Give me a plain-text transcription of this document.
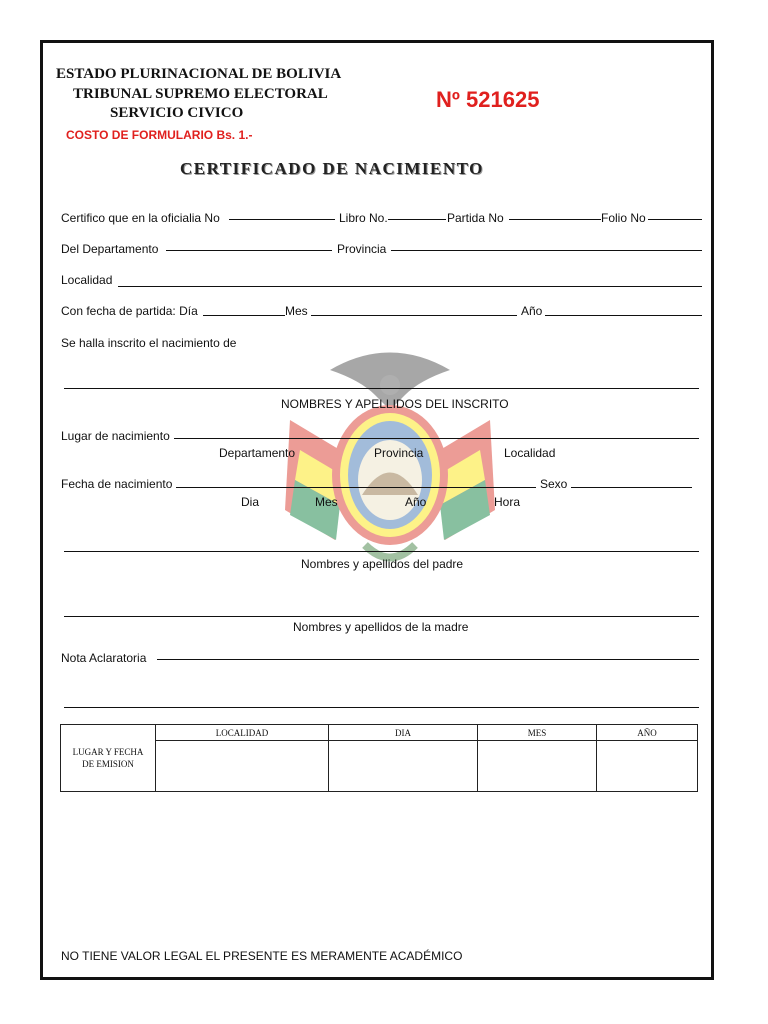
ESTADO PLURINACIONAL DE BOLIVIA
TRIBUNAL SUPREMO ELECTORAL
SERVICIO CIVICO
COSTO DE FORMULARIO Bs. 1.-
Nº 521625
CERTIFICADO DE NACIMIENTO
Certifico que en la oficialia No	Libro No.	Partida No	Folio No
Del Departamento	Provincia
Localidad
Con fecha de partida: Día	Mes	Año
Se halla inscrito el nacimiento de
NOMBRES Y APELLIDOS DEL INSCRITO
Lugar de nacimiento
Departamento	Provincia	Localidad
Fecha de nacimiento	Sexo
Dia	Mes	Año	Hora
Nombres y apellidos del padre
Nombres y apellidos de la madre
Nota Aclaratoria
LUGAR Y FECHA
DE EMISION	LOCALIDAD	DIA	MES	AÑO

NO TIENE VALOR LEGAL EL PRESENTE ES MERAMENTE ACADÉMICO
